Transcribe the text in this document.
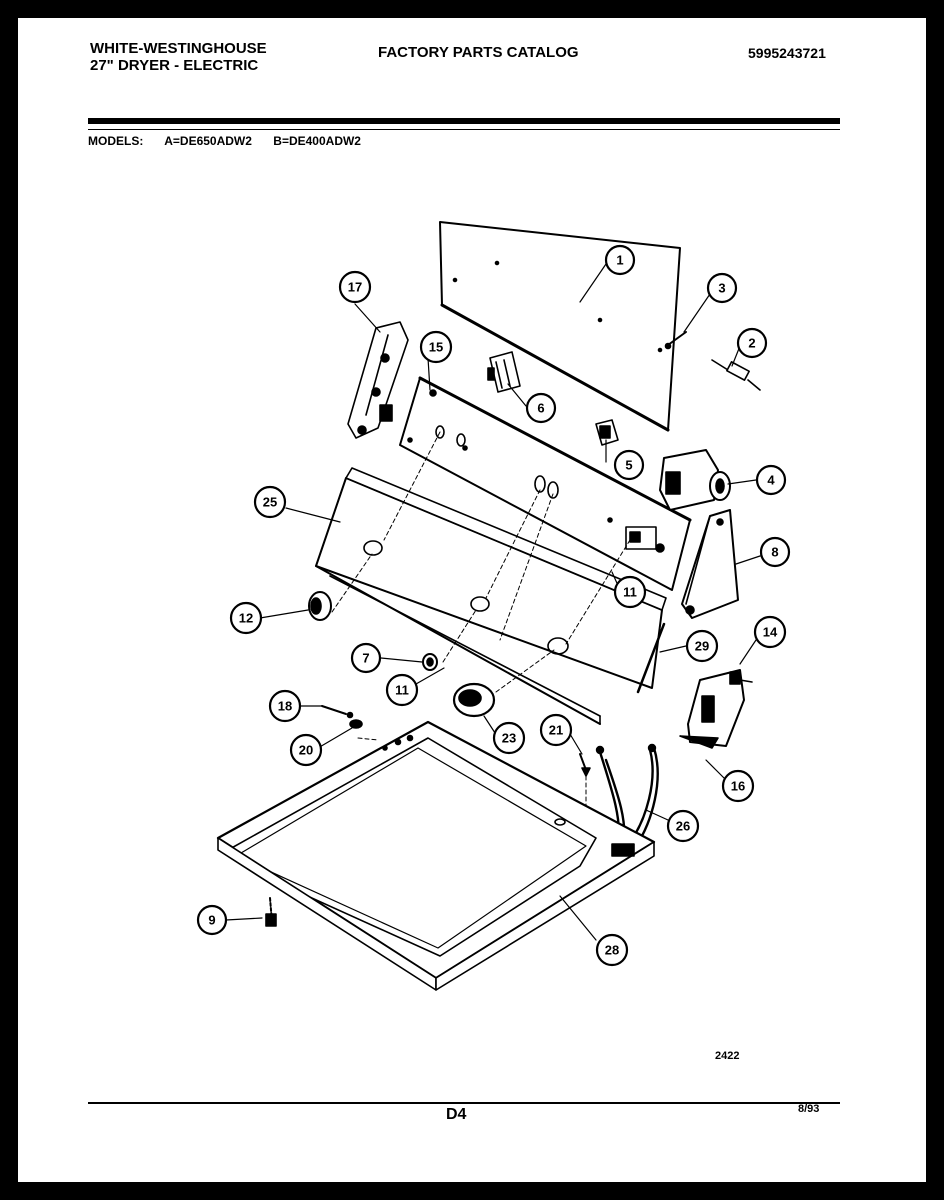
WHITE-WESTINGHOUSE
27" DRYER - ELECTRIC
FACTORY PARTS CATALOG	5995243721
MODELS: A=DE650ADW2 B=DE400ADW2
1
3
2
17
15
6
5
4
25
8
11
12
29
14
7
11
18
21
23
20
16
26
9
28
2422
D4	8/93
